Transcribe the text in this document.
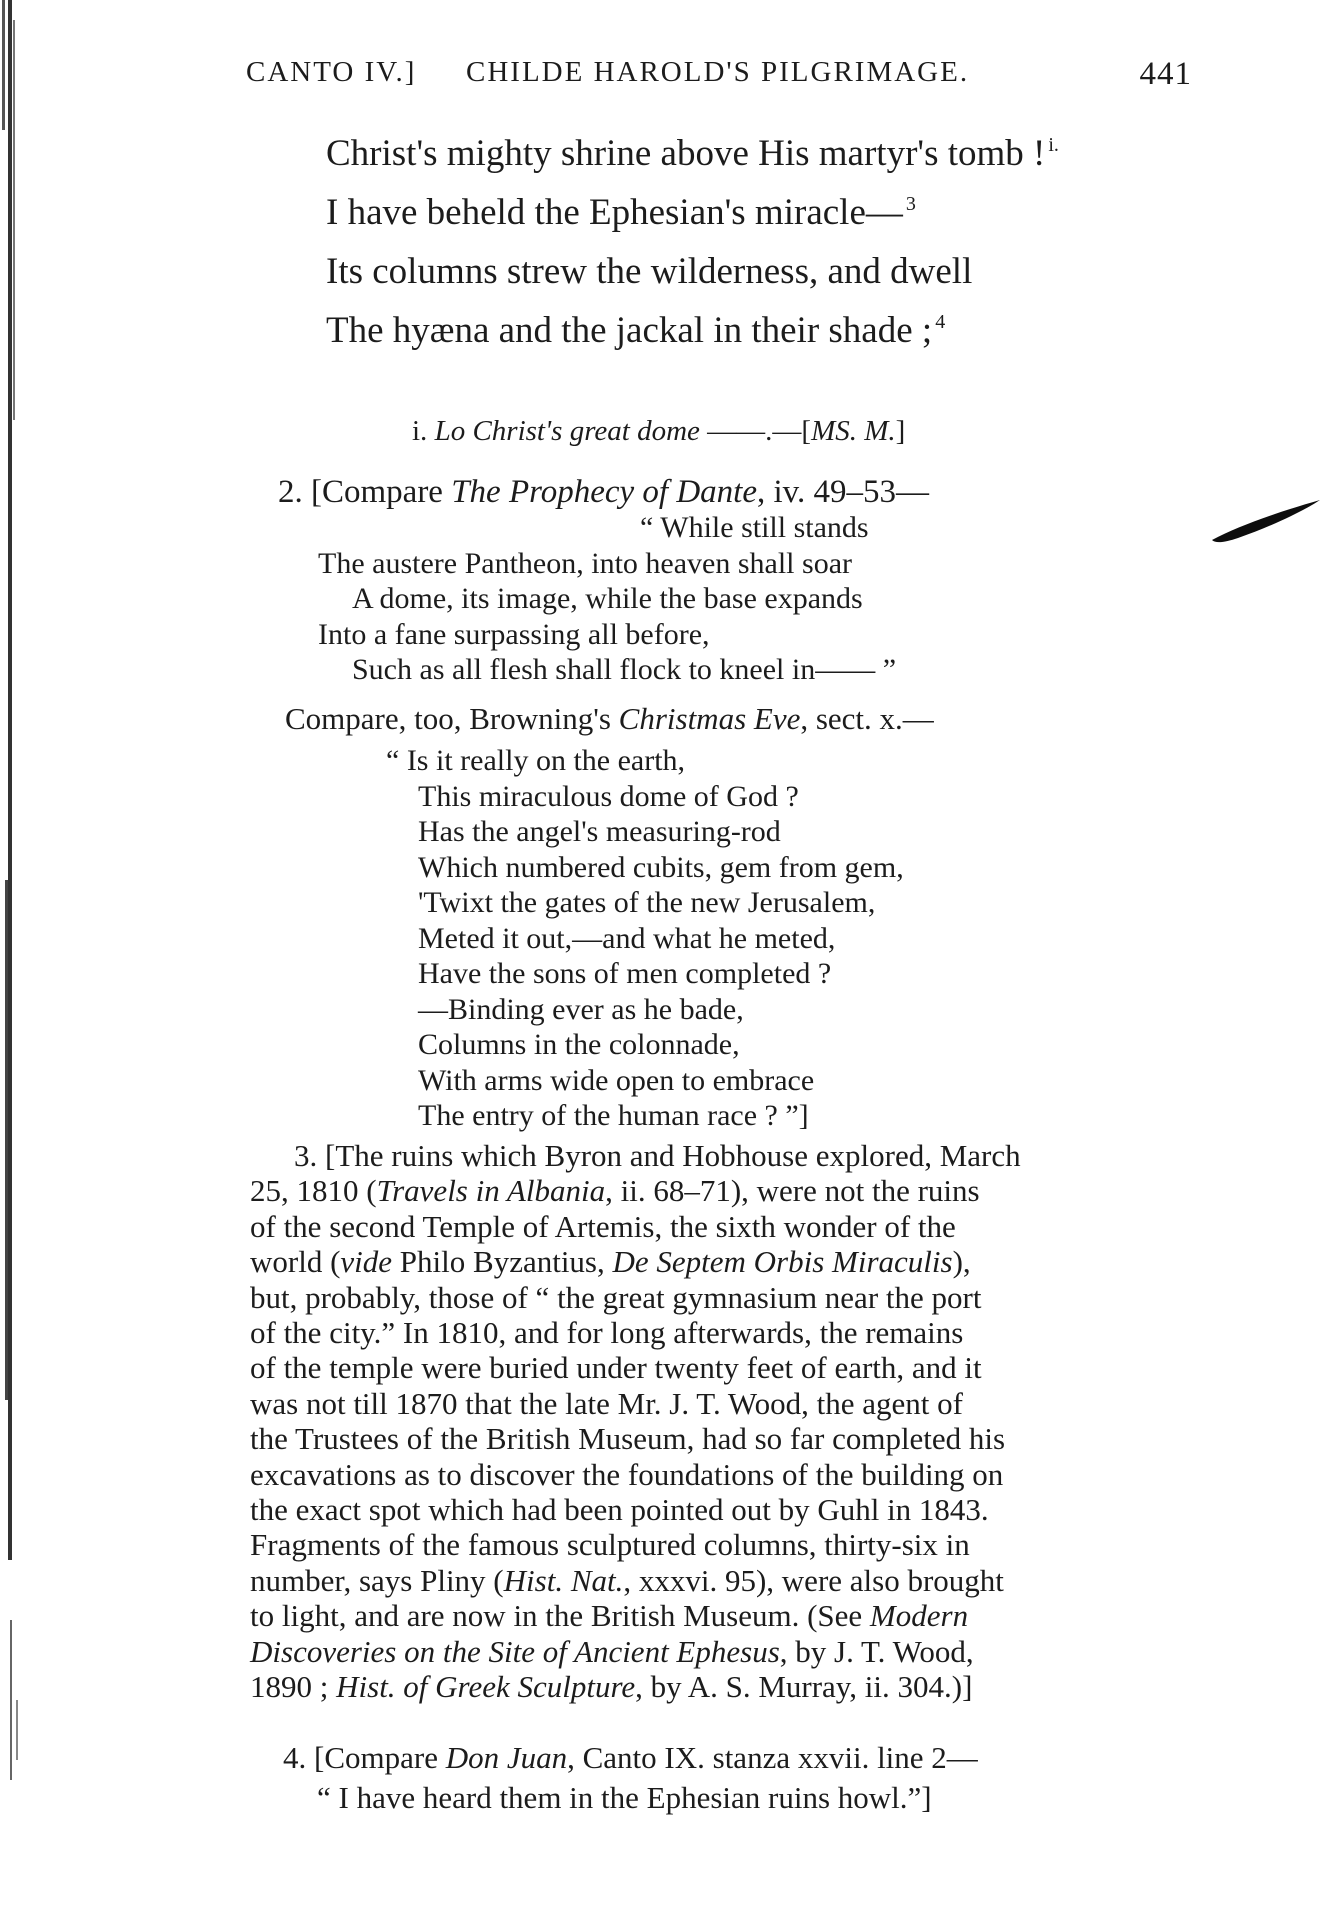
CANTO IV.] CHILDE HAROLD'S PILGRIMAGE.	441
Christ's mighty shrine above His martyr's tomb ! $^{i.}$
I have beheld the Ephesian's miracle— $^3$
Its columns strew the wilderness, and dwell
The hyæna and the jackal in their shade ; $^4$
i. Lo Christ's great dome ——.—[MS. M.]
2. [Compare The Prophecy of Dante, iv. 49–53—
“ While still stands
The austere Pantheon, into heaven shall soar
A dome, its image, while the base expands
Into a fane surpassing all before,
Such as all flesh shall flock to kneel in—— ”
Compare, too, Browning's Christmas Eve, sect. x.—
“ Is it really on the earth,
This miraculous dome of God ?
Has the angel's measuring-rod
Which numbered cubits, gem from gem,
'Twixt the gates of the new Jerusalem,
Meted it out,—and what he meted,
Have the sons of men completed ?
—Binding ever as he bade,
Columns in the colonnade,
With arms wide open to embrace
The entry of the human race ? ”]
3. [The ruins which Byron and Hobhouse explored, March
25, 1810 (Travels in Albania, ii. 68–71), were not the ruins
of the second Temple of Artemis, the sixth wonder of the
world (vide Philo Byzantius, De Septem Orbis Miraculis),
but, probably, those of “ the great gymnasium near the port
of the city.” In 1810, and for long afterwards, the remains
of the temple were buried under twenty feet of earth, and it
was not till 1870 that the late Mr. J. T. Wood, the agent of
the Trustees of the British Museum, had so far completed his
excavations as to discover the foundations of the building on
the exact spot which had been pointed out by Guhl in 1843.
Fragments of the famous sculptured columns, thirty-six in
number, says Pliny (Hist. Nat., xxxvi. 95), were also brought
to light, and are now in the British Museum. (See Modern
Discoveries on the Site of Ancient Ephesus, by J. T. Wood,
1890 ; Hist. of Greek Sculpture, by A. S. Murray, ii. 304.)]
4. [Compare Don Juan, Canto IX. stanza xxvii. line 2—
“ I have heard them in the Ephesian ruins howl.”]
